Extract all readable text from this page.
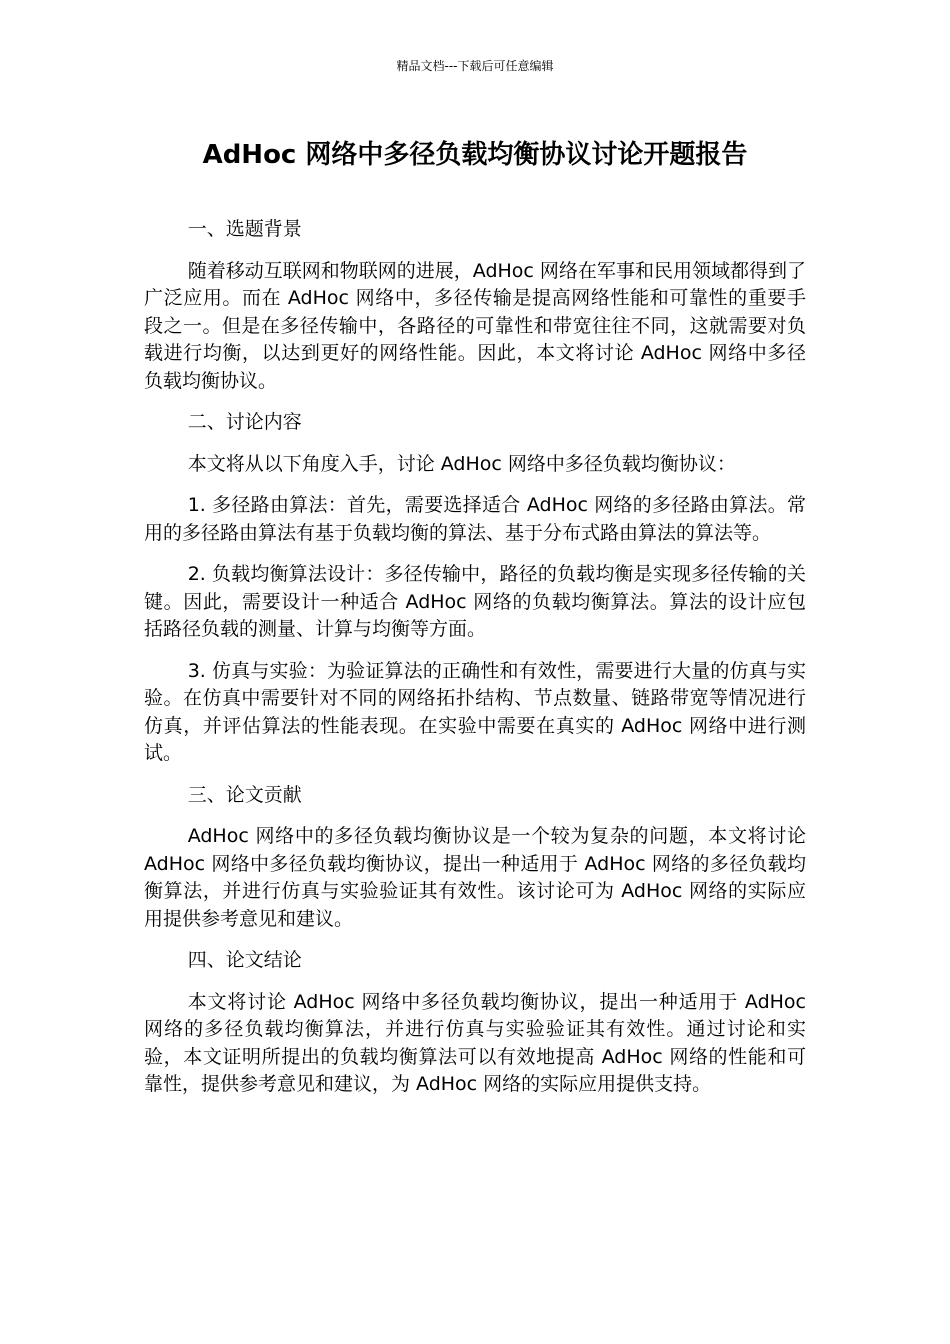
精品文档---下载后可任意编辑
AdHoc 网络中多径负载均衡协议讨论开题报告

一、选题背景

随着移动互联网和物联网的进展，AdHoc 网络在军事和民用领域都得到了广泛应用。而在 AdHoc 网络中，多径传输是提高网络性能和可靠性的重要手段之一。但是在多径传输中，各路径的可靠性和带宽往往不同，这就需要对负载进行均衡，以达到更好的网络性能。因此，本文将讨论 AdHoc 网络中多径负载均衡协议。

二、讨论内容

本文将从以下角度入手，讨论 AdHoc 网络中多径负载均衡协议：

1. 多径路由算法：首先，需要选择适合 AdHoc 网络的多径路由算法。常用的多径路由算法有基于负载均衡的算法、基于分布式路由算法的算法等。

2. 负载均衡算法设计：多径传输中，路径的负载均衡是实现多径传输的关键。因此，需要设计一种适合 AdHoc 网络的负载均衡算法。算法的设计应包括路径负载的测量、计算与均衡等方面。

3. 仿真与实验：为验证算法的正确性和有效性，需要进行大量的仿真与实验。在仿真中需要针对不同的网络拓扑结构、节点数量、链路带宽等情况进行仿真，并评估算法的性能表现。在实验中需要在真实的 AdHoc 网络中进行测试。

三、论文贡献

AdHoc 网络中的多径负载均衡协议是一个较为复杂的问题，本文将讨论 AdHoc 网络中多径负载均衡协议，提出一种适用于 AdHoc 网络的多径负载均衡算法，并进行仿真与实验验证其有效性。该讨论可为 AdHoc 网络的实际应用提供参考意见和建议。

四、论文结论

本文将讨论 AdHoc 网络中多径负载均衡协议，提出一种适用于 AdHoc 网络的多径负载均衡算法，并进行仿真与实验验证其有效性。通过讨论和实验，本文证明所提出的负载均衡算法可以有效地提高 AdHoc 网络的性能和可靠性，提供参考意见和建议，为 AdHoc 网络的实际应用提供支持。
